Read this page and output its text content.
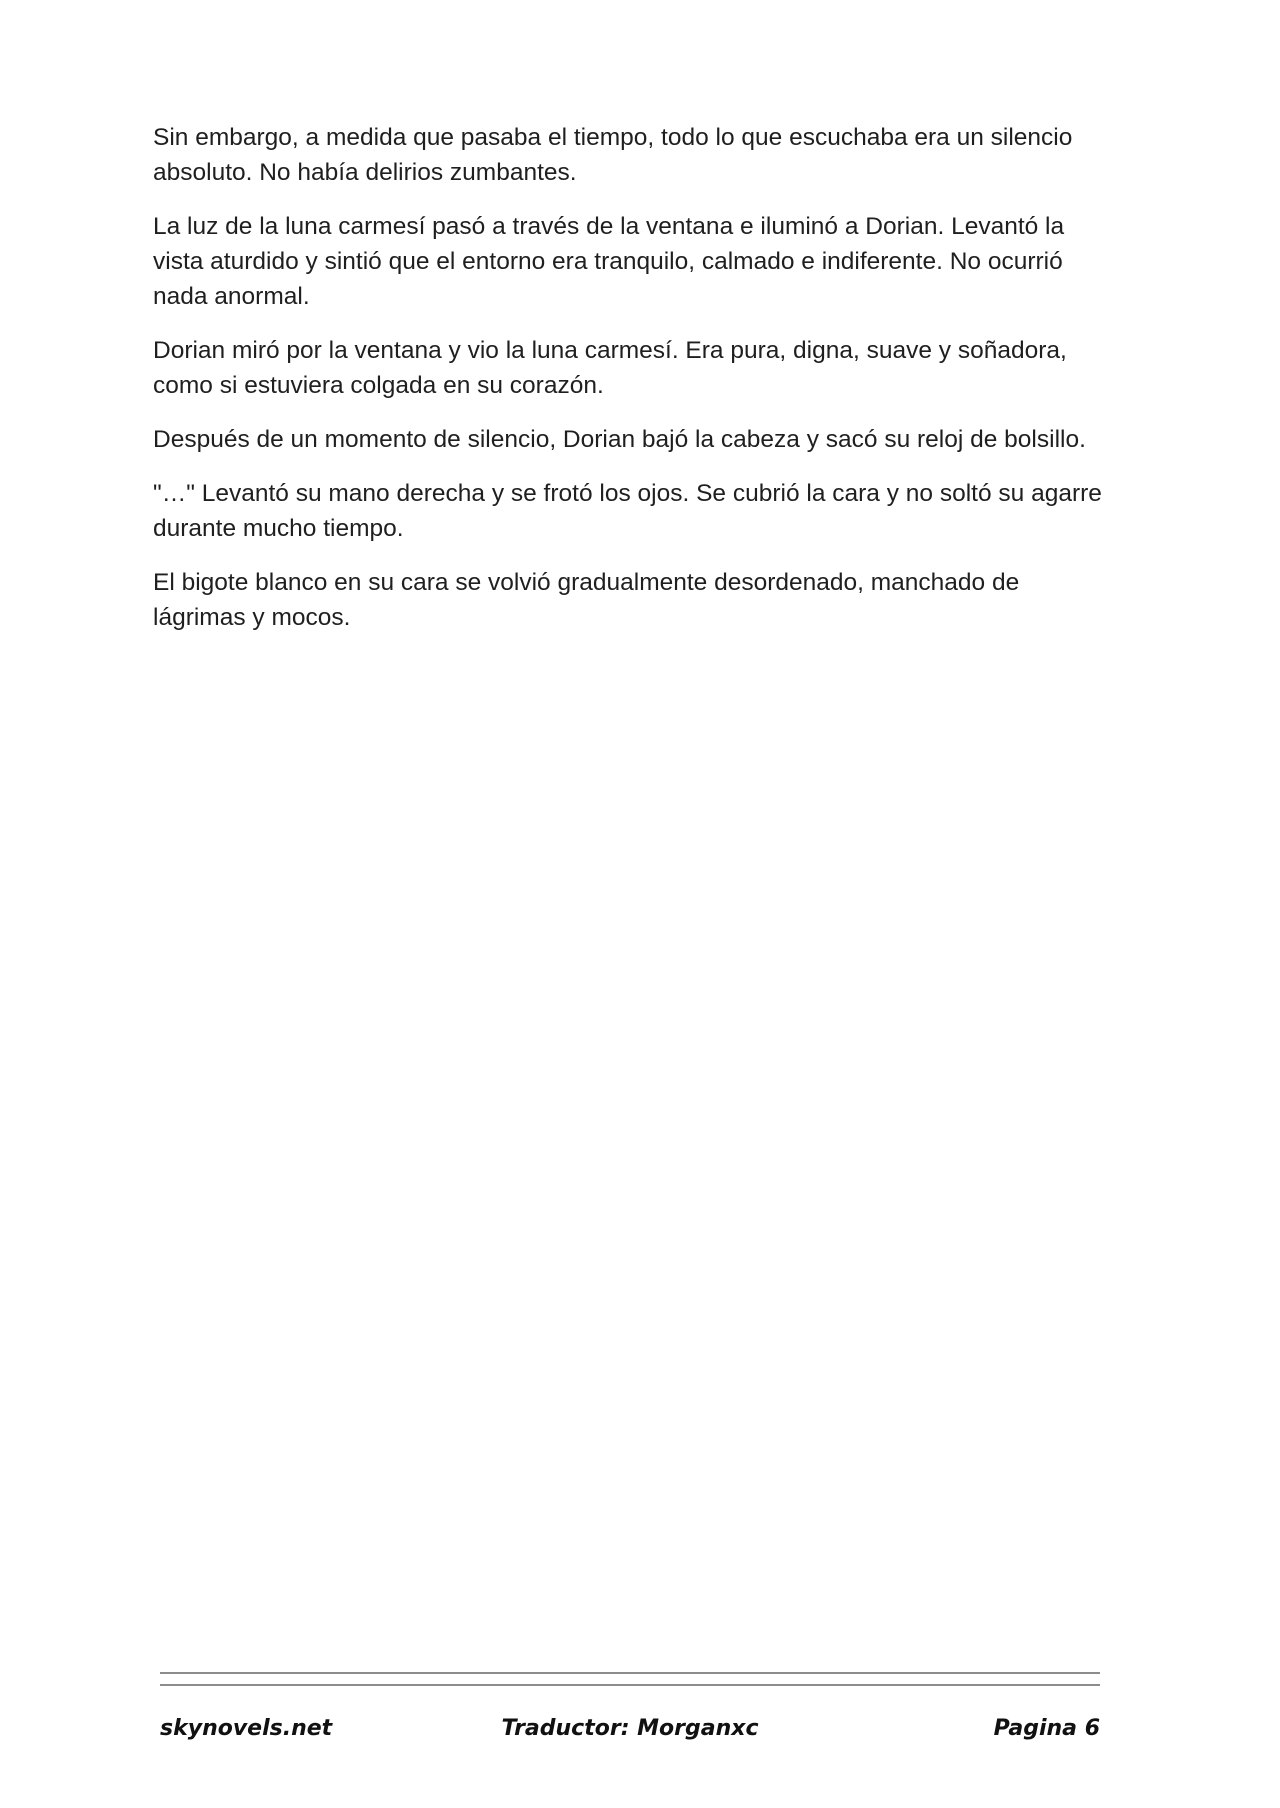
Sin embargo, a medida que pasaba el tiempo, todo lo que escuchaba era un silencio absoluto. No había delirios zumbantes.

La luz de la luna carmesí pasó a través de la ventana e iluminó a Dorian. Levantó la vista aturdido y sintió que el entorno era tranquilo, calmado e indiferente. No ocurrió nada anormal.

Dorian miró por la ventana y vio la luna carmesí. Era pura, digna, suave y soñadora, como si estuviera colgada en su corazón.

Después de un momento de silencio, Dorian bajó la cabeza y sacó su reloj de bolsillo.

"…" Levantó su mano derecha y se frotó los ojos. Se cubrió la cara y no soltó su agarre durante mucho tiempo.

El bigote blanco en su cara se volvió gradualmente desordenado, manchado de lágrimas y mocos.

skynovels.net	Traductor: Morganxc	Pagina 6
